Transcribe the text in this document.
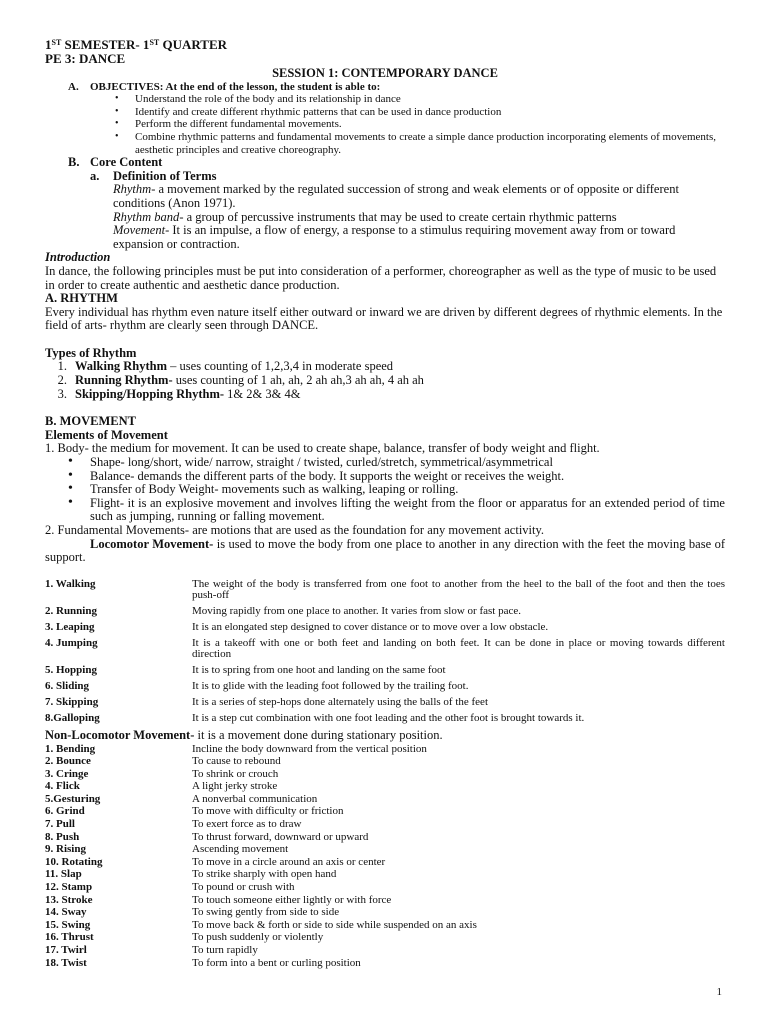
1ST SEMESTER- 1ST QUARTER
PE 3: DANCE
SESSION 1: CONTEMPORARY DANCE
A. OBJECTIVES: At the end of the lesson, the student is able to:
• Understand the role of the body and its relationship in dance
• Identify and create different rhythmic patterns that can be used in dance production
• Perform the different fundamental movements.
• Combine rhythmic patterns and fundamental movements to create a simple dance production incorporating elements of movements, aesthetic principles and creative choreography.
B. Core Content
a. Definition of Terms
Rhythm- a movement marked by the regulated succession of strong and weak elements or of opposite or different conditions (Anon 1971).
Rhythm band- a group of percussive instruments that may be used to create certain rhythmic patterns
Movement- It is an impulse, a flow of energy, a response to a stimulus requiring movement away from or toward expansion or contraction.
Introduction
In dance, the following principles must be put into consideration of a performer, choreographer as well as the type of music to be used in order to create authentic and aesthetic dance production.
A. RHYTHM
Every individual has rhythm even nature itself either outward or inward we are driven by different degrees of rhythmic elements. In the field of arts- rhythm are clearly seen through DANCE.
Types of Rhythm
1. Walking Rhythm – uses counting of 1,2,3,4 in moderate speed
2. Running Rhythm- uses counting of 1 ah, ah, 2 ah ah,3 ah ah, 4 ah ah
3. Skipping/Hopping Rhythm- 1& 2& 3& 4&
B. MOVEMENT
Elements of Movement
1. Body- the medium for movement. It can be used to create shape, balance, transfer of body weight and flight.
• Shape- long/short, wide/ narrow, straight / twisted, curled/stretch, symmetrical/asymmetrical
• Balance- demands the different parts of the body. It supports the weight or receives the weight.
• Transfer of Body Weight- movements such as walking, leaping or rolling.
• Flight- it is an explosive movement and involves lifting the weight from the floor or apparatus for an extended period of time such as jumping, running or falling movement.
2. Fundamental Movements- are motions that are used as the foundation for any movement activity.
Locomotor Movement- is used to move the body from one place to another in any direction with the feet the moving base of support.
1. Walking	The weight of the body is transferred from one foot to another from the heel to the ball of the foot and then the toes push-off
2. Running	Moving rapidly from one place to another. It varies from slow or fast pace.
3. Leaping	It is an elongated step designed to cover distance or to move over a low obstacle.
4. Jumping	It is a takeoff with one or both feet and landing on both feet. It can be done in place or moving towards different direction
5. Hopping	It is to spring from one hoot and landing on the same foot
6. Sliding	It is to glide with the leading foot followed by the trailing foot.
7. Skipping	It is a series of step-hops done alternately using the balls of the feet
8.Galloping	It is a step cut combination with one foot leading and the other foot is brought towards it.
Non-Locomotor Movement- it is a movement done during stationary position.
1. Bending	Incline the body downward from the vertical position
2. Bounce	To cause to rebound
3. Cringe	To shrink or crouch
4. Flick	A light jerky stroke
5.Gesturing	A nonverbal communication
6. Grind	To move with difficulty or friction
7. Pull	To exert force as to draw
8. Push	To thrust forward, downward or upward
9. Rising	Ascending movement
10. Rotating	To move in a circle around an axis or center
11. Slap	To strike sharply with open hand
12. Stamp	To pound or crush with
13. Stroke	To touch someone either lightly or with force
14. Sway	To swing gently from side to side
15. Swing	To move back & forth or side to side while suspended on an axis
16. Thrust	To push suddenly or violently
17. Twirl	To turn rapidly
18. Twist	To form into a bent or curling position
1
